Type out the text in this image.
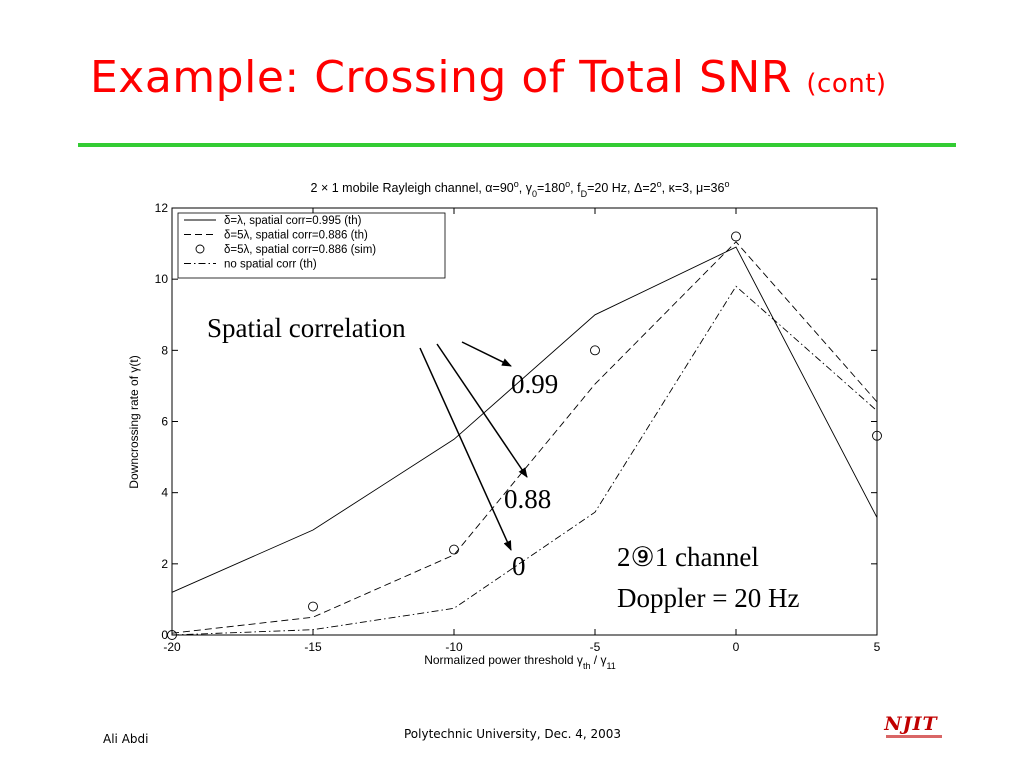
Example: Crossing of Total SNR (cont)
2 × 1 mobile Rayleigh channel, $\alpha=90^o$, $\gamma_0=180^o$, $f_D=20$ Hz, $\Delta=2^o$, κ=3, $\mu=36^o$
-20	-15	-10	-5	0	5
0
2
4
6
8
10
12
δ=λ, spatial corr=0.995 (th)
δ=5λ, spatial corr=0.886 (th)
δ=5λ, spatial corr=0.886 (sim)
no spatial corr (th)
Normalized power threshold $\gamma_{th} / \gamma_{11}$
Downcrossing rate of γ(t)
Spatial correlation
0.99
0.88
0	2⑨1 channel
Doppler = 20 Hz
Ali Abdi	Polytechnic University, Dec. 4, 2003	NJIT
